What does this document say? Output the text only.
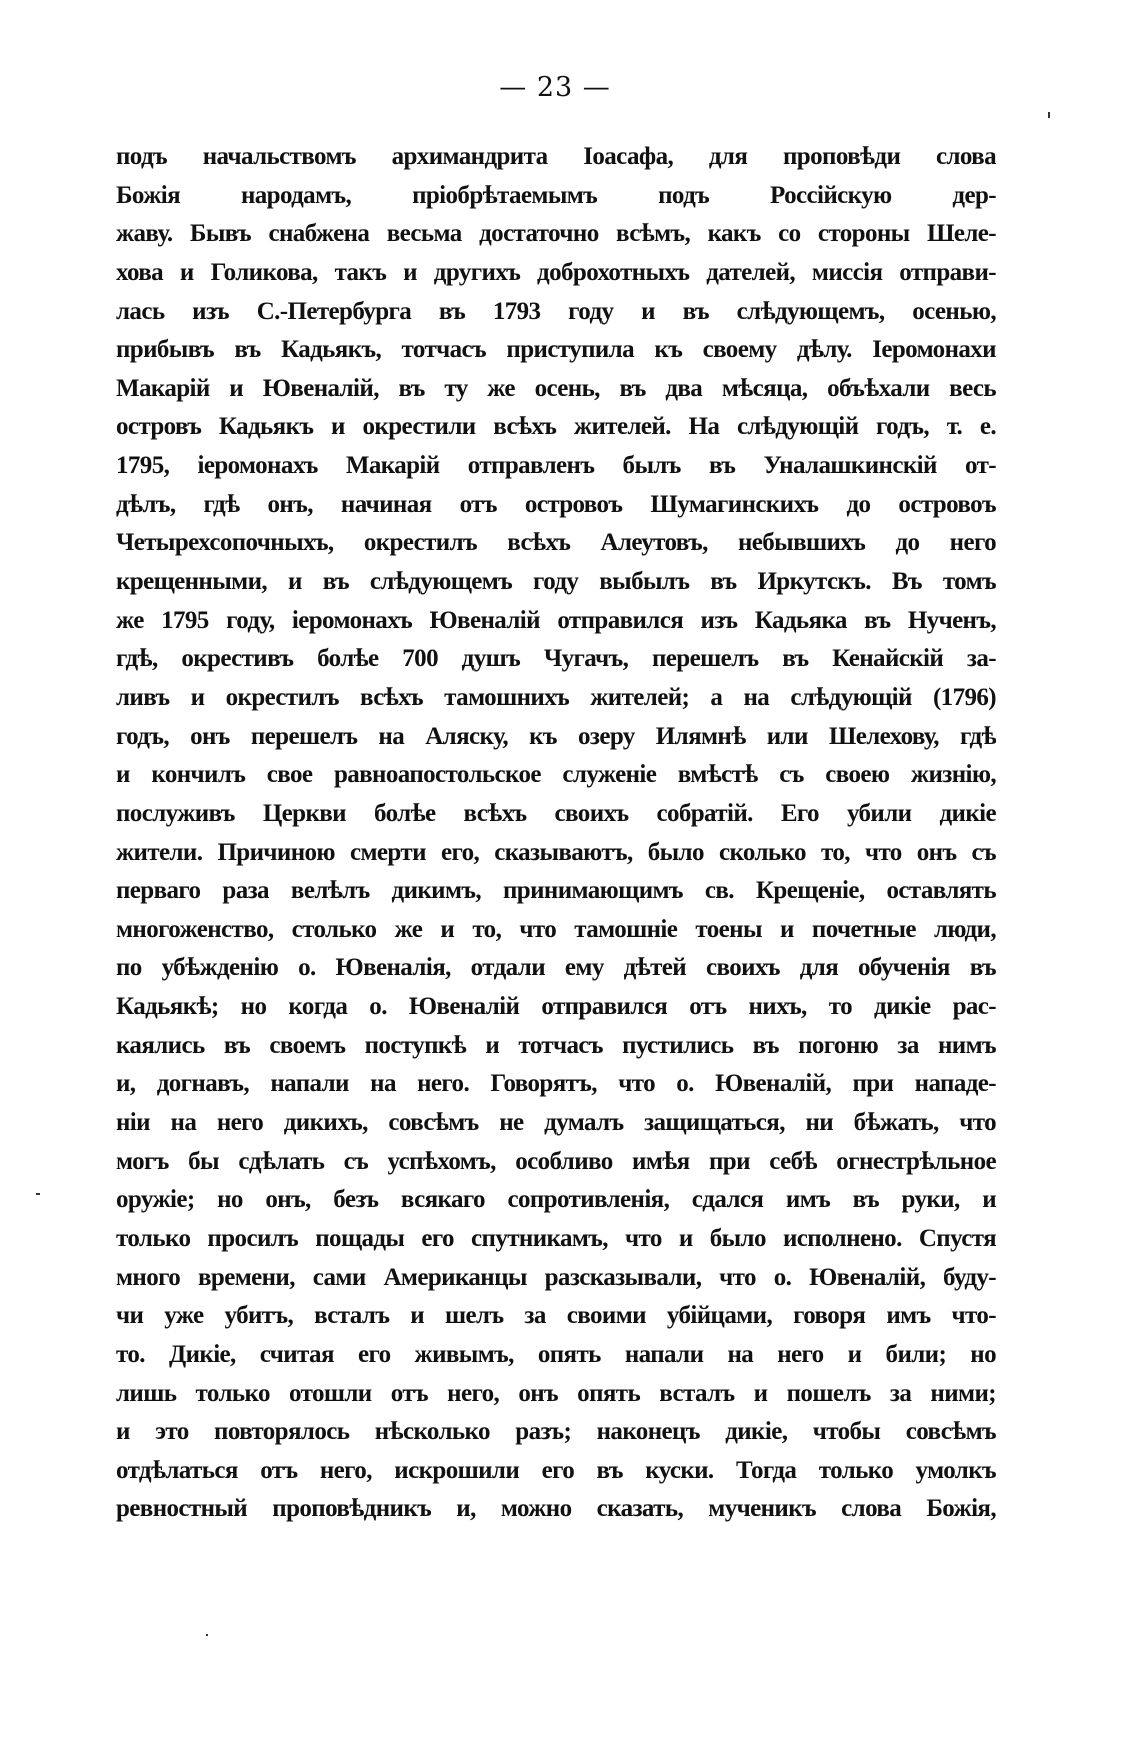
— 23 —
подъ начальствомъ архимандрита Іоасафа, для проповѣди слова
Божія народамъ, пріобрѣтаемымъ подъ Россійскую дер-
жаву. Бывъ снабжена весьма достаточно всѣмъ, какъ со стороны Шеле-
хова и Голикова, такъ и другихъ доброхотныхъ дателей, миссія отправи-
лась изъ С.-Петербурга въ 1793 году и въ слѣдующемъ, осенью,
прибывъ въ Кадьякъ, тотчасъ приступила къ своему дѣлу. Іеромонахи
Макарій и Ювеналій, въ ту же осень, въ два мѣсяца, объѣхали весь
островъ Кадьякъ и окрестили всѣхъ жителей. На слѣдующій годъ, т. е.
1795, іеромонахъ Макарій отправленъ былъ въ Уналашкинскій от-
дѣлъ, гдѣ онъ, начиная отъ островоъ Шумагинскихъ до островоъ
Четырехсопочныхъ, окрестилъ всѣхъ Алеутовъ, небывшихъ до него
крещенными, и въ слѣдующемъ году выбылъ въ Иркутскъ. Въ томъ
же 1795 году, іеромонахъ Ювеналій отправился изъ Кадьяка въ Нученъ,
гдѣ, окрестивъ болѣе 700 душъ Чугачъ, перешелъ въ Кенайскій за-
ливъ и окрестилъ всѣхъ тамошнихъ жителей; а на слѣдующій (1796)
годъ, онъ перешелъ на Аляску, къ озеру Илямнѣ или Шелехову, гдѣ
и кончилъ свое равноапостольское служеніе вмѣстѣ съ своею жизнію,
послуживъ Церкви болѣе всѣхъ своихъ собратій. Его убили дикіе
жители. Причиною смерти его, сказываютъ, было сколько то, что онъ съ
перваго раза велѣлъ дикимъ, принимающимъ св. Крещеніе, оставлять
многоженство, столько же и то, что тамошніе тоены и почетные люди,
по убѣжденію о. Ювеналія, отдали ему дѣтей своихъ для обученія въ
Кадьякѣ; но когда о. Ювеналій отправился отъ нихъ, то дикіе рас-
каялись въ своемъ поступкѣ и тотчасъ пустились въ погоню за нимъ
и, догнавъ, напали на него. Говорятъ, что о. Ювеналій, при нападе-
ніи на него дикихъ, совсѣмъ не думалъ защищаться, ни бѣжать, что
могъ бы сдѣлать съ успѣхомъ, особливо имѣя при себѣ огнестрѣльное
оружіе; но онъ, безъ всякаго сопротивленія, сдался имъ въ руки, и
только просилъ пощады его спутникамъ, что и было исполнено. Спустя
много времени, сами Американцы разсказывали, что о. Ювеналій, буду-
чи уже убитъ, всталъ и шелъ за своими убійцами, говоря имъ что-
то. Дикіе, считая его живымъ, опять напали на него и били; но
лишь только отошли отъ него, онъ опять всталъ и пошелъ за ними;
и это повторялось нѣсколько разъ; наконецъ дикіе, чтобы совсѣмъ
отдѣлаться отъ него, искрошили его въ куски. Тогда только умолкъ
ревностный проповѣдникъ и, можно сказать, мученикъ слова Божія,
